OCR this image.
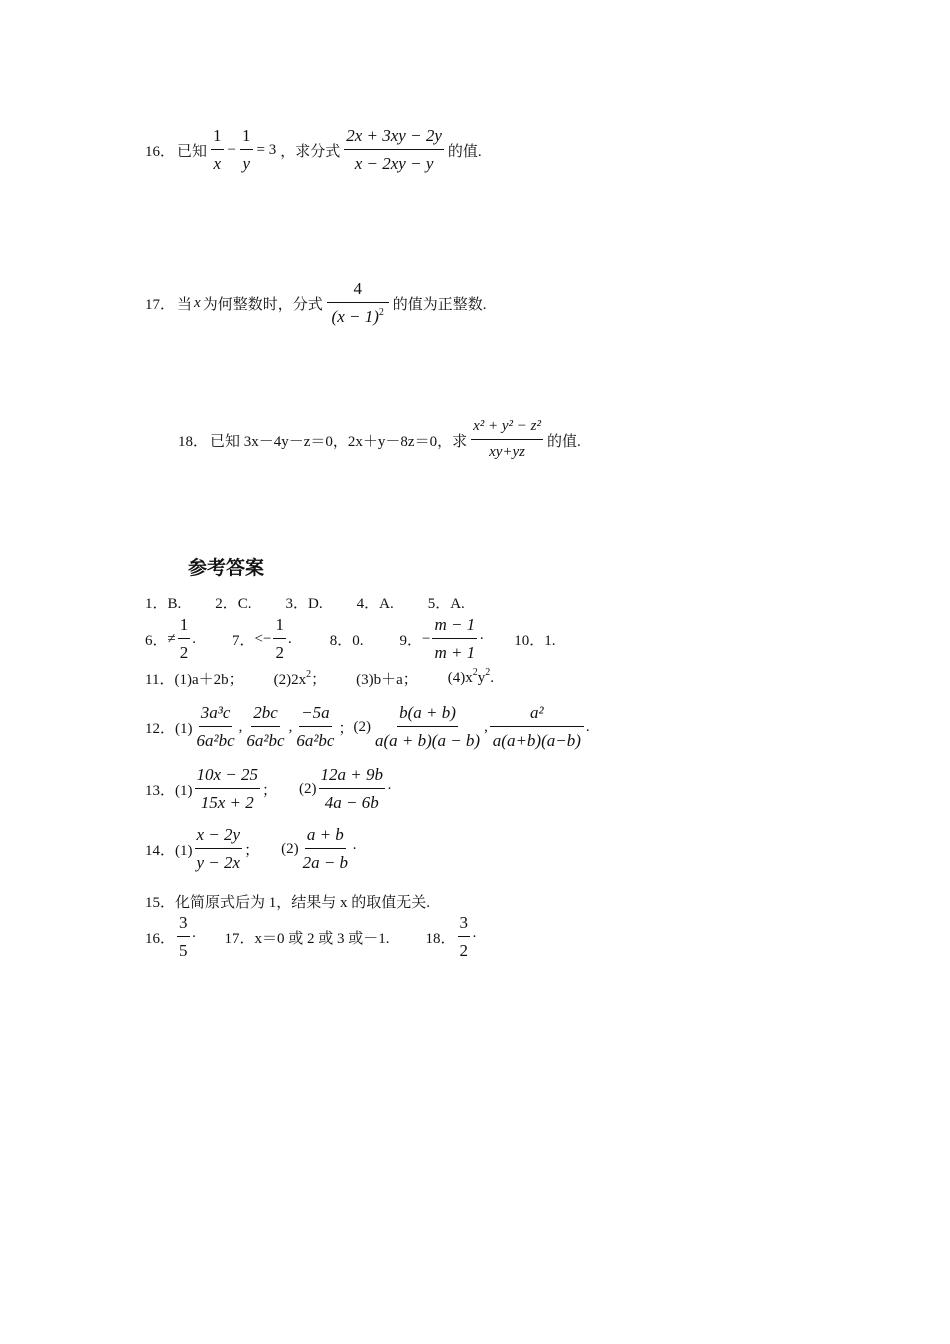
16． 已知 $\frac{1}{x} - \frac{1}{y} = 3$ ，求分式 $\frac{2x + 3xy - 2y}{x - 2xy - y}$ 的值.
17． 当 x 为何整数时，分式 $\frac{4}{(x - 1)^2}$ 的值为正整数.
18． 已知 3x－4y－z＝0，2x＋y－8z＝0，求 $\frac{\text{x² + y² − z²}}{xy+yz}$ 的值.
参考答案
1．B. 2．C. 3．D. 4．A. 5．A.
6． ≠ $\frac{1}{2}$ . 7． <− $\frac{1}{2}$ .	8．0. 9． − $\frac{m - 1}{m + 1} \cdot 10$．1.
11． (1)a＋2b； $(2)2x^2$； (3)b＋a； $(4)x^2y^2$.
12．$(1) \frac{\text{3a³c}}{\text{6a²bc}}$ , $\frac{2bc}{\text{6a²bc}}$ , $\frac{-5a}{\text{6a²bc}}$ ； $(2) \frac{b(a + b)}{a(a + b)(a - b)}$ , $\frac{\text{a²}}{a(a+b)(a-b)}$ .
13．$(1) \frac{10x - 25}{15x + 2}$ ； $(2) \frac{12a + 9b}{4a - 6b}$ ·
14．$(1) \frac{x - 2y}{y - 2x}$ ； $(2) \frac{a + b}{2a - b}$ ·
15．化简原式后为 1，结果与 x 的取值无关.
16． $\frac{3}{5} \cdot 17$．x＝0 或 2 或 3 或－1. 18． $\frac{3}{2}$ ·
